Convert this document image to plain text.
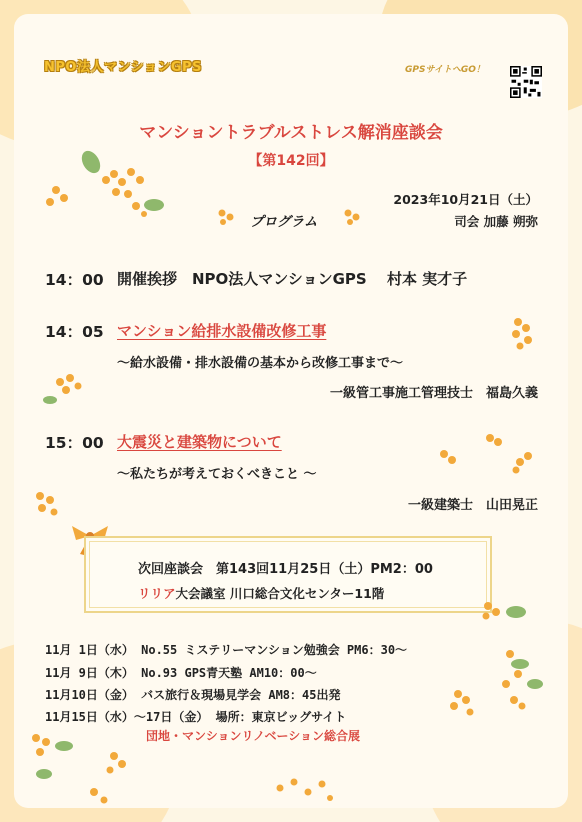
NPO法人マンションGPS	GPSサイトへGO！
マンショントラブルストレス解消座談会
【第142回】
2023年10月21日（土）
司会 加藤 朔弥
プログラム
14：00 開催挨拶　NPO法人マンションGPS　 村本 実才子
14：05 マンション給排水設備改修工事
～給水設備・排水設備の基本から改修工事まで～
一級管工事施工管理技士　福島久義
15：00 大震災と建築物について
～私たちが考えておくべきこと ～
一級建築士　山田晃正
次回座談会　第143回11月25日（土）PM2：00
リリア大会議室 川口総合文化センター11階
11月 1日（水） No.55 ミステリーマンション勉強会 PM6：30～
11月 9日（木） No.93 GPS青天塾 AM10：00～
11月10日（金） バス旅行＆現場見学会 AM8：45出発
11月15日（水）～17日（金） 場所：東京ビッグサイト
団地・マンションリノベーション総合展
